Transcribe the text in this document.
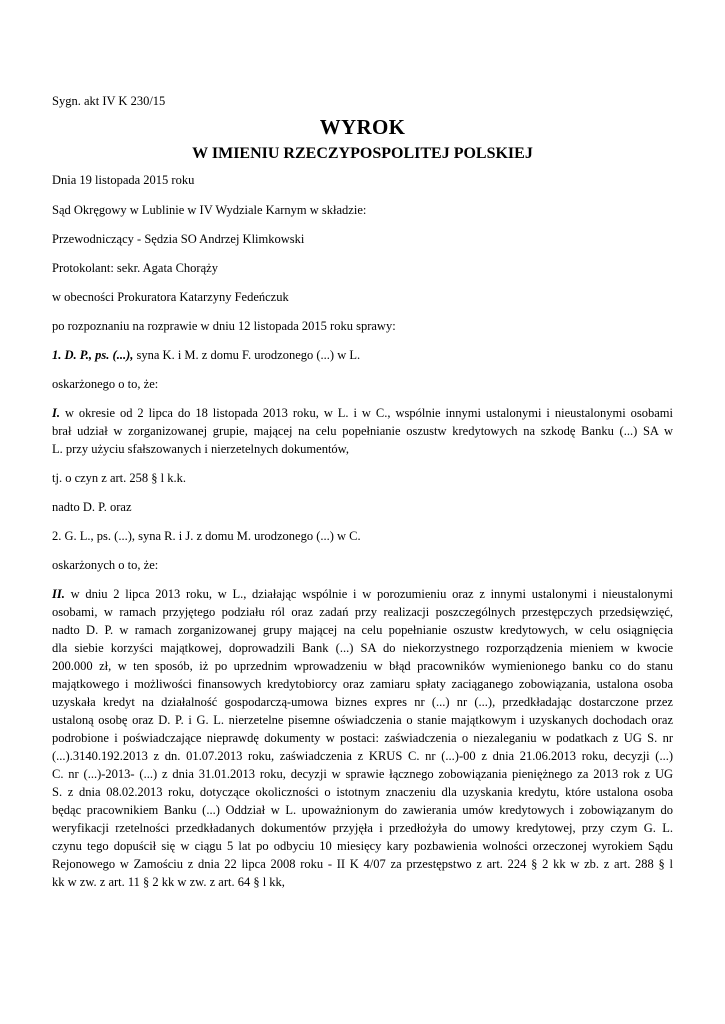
Sygn. akt IV K 230/15

WYROK
W IMIENIU RZECZYPOSPOLITEJ POLSKIEJ

Dnia 19 listopada 2015 roku

Sąd Okręgowy w Lublinie w IV Wydziale Karnym w składzie:

Przewodniczący - Sędzia SO Andrzej Klimkowski

Protokolant: sekr. Agata Chorąży

w obecności Prokuratora Katarzyny Fedeńczuk

po rozpoznaniu na rozprawie w dniu 12 listopada 2015 roku sprawy:

1. D. P., ps. (...), syna K. i M. z domu F. urodzonego (...) w L.

oskarżonego o to, że:

I. w okresie od 2 lipca do 18 listopada 2013 roku, w L. i w C., wspólnie innymi ustalonymi i nieustalonymi osobami

brał udział w zorganizowanej grupie, mającej na celu popełnianie oszustw kredytowych na szkodę Banku (...) SA w

L. przy użyciu sfałszowanych i nierzetelnych dokumentów,

tj. o czyn z art. 258 § l k.k.

nadto D. P. oraz

2. G. L., ps. (...), syna R. i J. z domu M. urodzonego (...) w C.

oskarżonych o to, że:

II. w dniu 2 lipca 2013 roku, w L., działając wspólnie i w porozumieniu oraz z innymi ustalonymi i nieustalonymi

osobami, w ramach przyjętego podziału ról oraz zadań przy realizacji poszczególnych przestępczych przedsięwzięć,

nadto D. P. w ramach zorganizowanej grupy mającej na celu popełnianie oszustw kredytowych, w celu osiągnięcia

dla siebie korzyści majątkowej, doprowadzili Bank (...) SA do niekorzystnego rozporządzenia mieniem w kwocie

200.000 zł, w ten sposób, iż po uprzednim wprowadzeniu w błąd pracowników wymienionego banku co do stanu

majątkowego i możliwości finansowych kredytobiorcy oraz zamiaru spłaty zaciąganego zobowiązania, ustalona osoba

uzyskała kredyt na działalność gospodarczą-umowa biznes expres nr (...) nr (...), przedkładając dostarczone przez

ustaloną osobę oraz D. P. i G. L. nierzetelne pisemne oświadczenia o stanie majątkowym i uzyskanych dochodach oraz

podrobione i poświadczające nieprawdę dokumenty w postaci: zaświadczenia o niezaleganiu w podatkach z UG S. nr

(...).3140.192.2013 z dn. 01.07.2013 roku, zaświadczenia z KRUS C. nr (...)-00 z dnia 21.06.2013 roku, decyzji (...)

C. nr (...)-2013- (...) z dnia 31.01.2013 roku, decyzji w sprawie łącznego zobowiązania pieniężnego za 2013 rok z UG

S. z dnia 08.02.2013 roku, dotyczące okoliczności o istotnym znaczeniu dla uzyskania kredytu, które ustalona osoba

będąc pracownikiem Banku (...) Oddział w L. upoważnionym do zawierania umów kredytowych i zobowiązanym do

weryfikacji rzetelności przedkładanych dokumentów przyjęła i przedłożyła do umowy kredytowej, przy czym G. L.

czynu tego dopuścił się w ciągu 5 lat po odbyciu 10 miesięcy kary pozbawienia wolności orzeczonej wyrokiem Sądu

Rejonowego w Zamościu z dnia 22 lipca 2008 roku - II K 4/07 za przestępstwo z art. 224 § 2 kk w zb. z art. 288 § l

kk w zw. z art. 11 § 2 kk w zw. z art. 64 § l kk,
